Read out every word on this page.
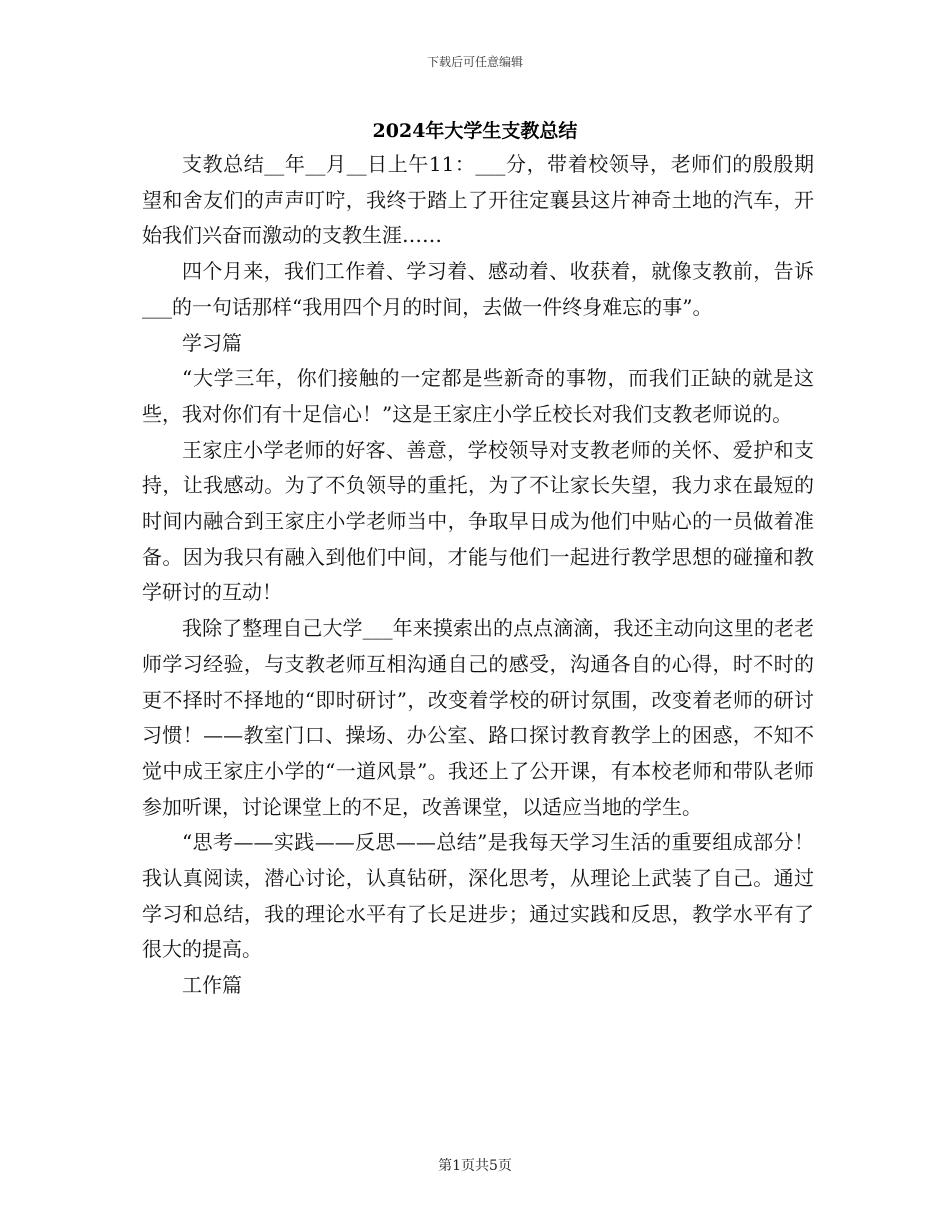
下载后可任意编辑
2024年大学生支教总结

支教总结__年__月__日上午11：___分，带着校领导，老师们的殷殷期望和舍友们的声声叮咛，我终于踏上了开往定襄县这片神奇土地的汽车，开始我们兴奋而激动的支教生涯……

四个月来，我们工作着、学习着、感动着、收获着，就像支教前，告诉___的一句话那样“我用四个月的时间，去做一件终身难忘的事”。

学习篇

“大学三年，你们接触的一定都是些新奇的事物，而我们正缺的就是这些，我对你们有十足信心！”这是王家庄小学丘校长对我们支教老师说的。

王家庄小学老师的好客、善意，学校领导对支教老师的关怀、爱护和支持，让我感动。为了不负领导的重托，为了不让家长失望，我力求在最短的时间内融合到王家庄小学老师当中，争取早日成为他们中贴心的一员做着准备。因为我只有融入到他们中间，才能与他们一起进行教学思想的碰撞和教学研讨的互动！

我除了整理自己大学___年来摸索出的点点滴滴，我还主动向这里的老老师学习经验，与支教老师互相沟通自己的感受，沟通各自的心得，时不时的更不择时不择地的“即时研讨”，改变着学校的研讨氛围，改变着老师的研讨习惯！——教室门口、操场、办公室、路口探讨教育教学上的困惑，不知不觉中成王家庄小学的“一道风景”。我还上了公开课，有本校老师和带队老师参加听课，讨论课堂上的不足，改善课堂，以适应当地的学生。

“思考——实践——反思——总结”是我每天学习生活的重要组成部分！我认真阅读，潜心讨论，认真钻研，深化思考，从理论上武装了自己。通过学习和总结，我的理论水平有了长足进步；通过实践和反思，教学水平有了很大的提高。

工作篇

第1页共5页
